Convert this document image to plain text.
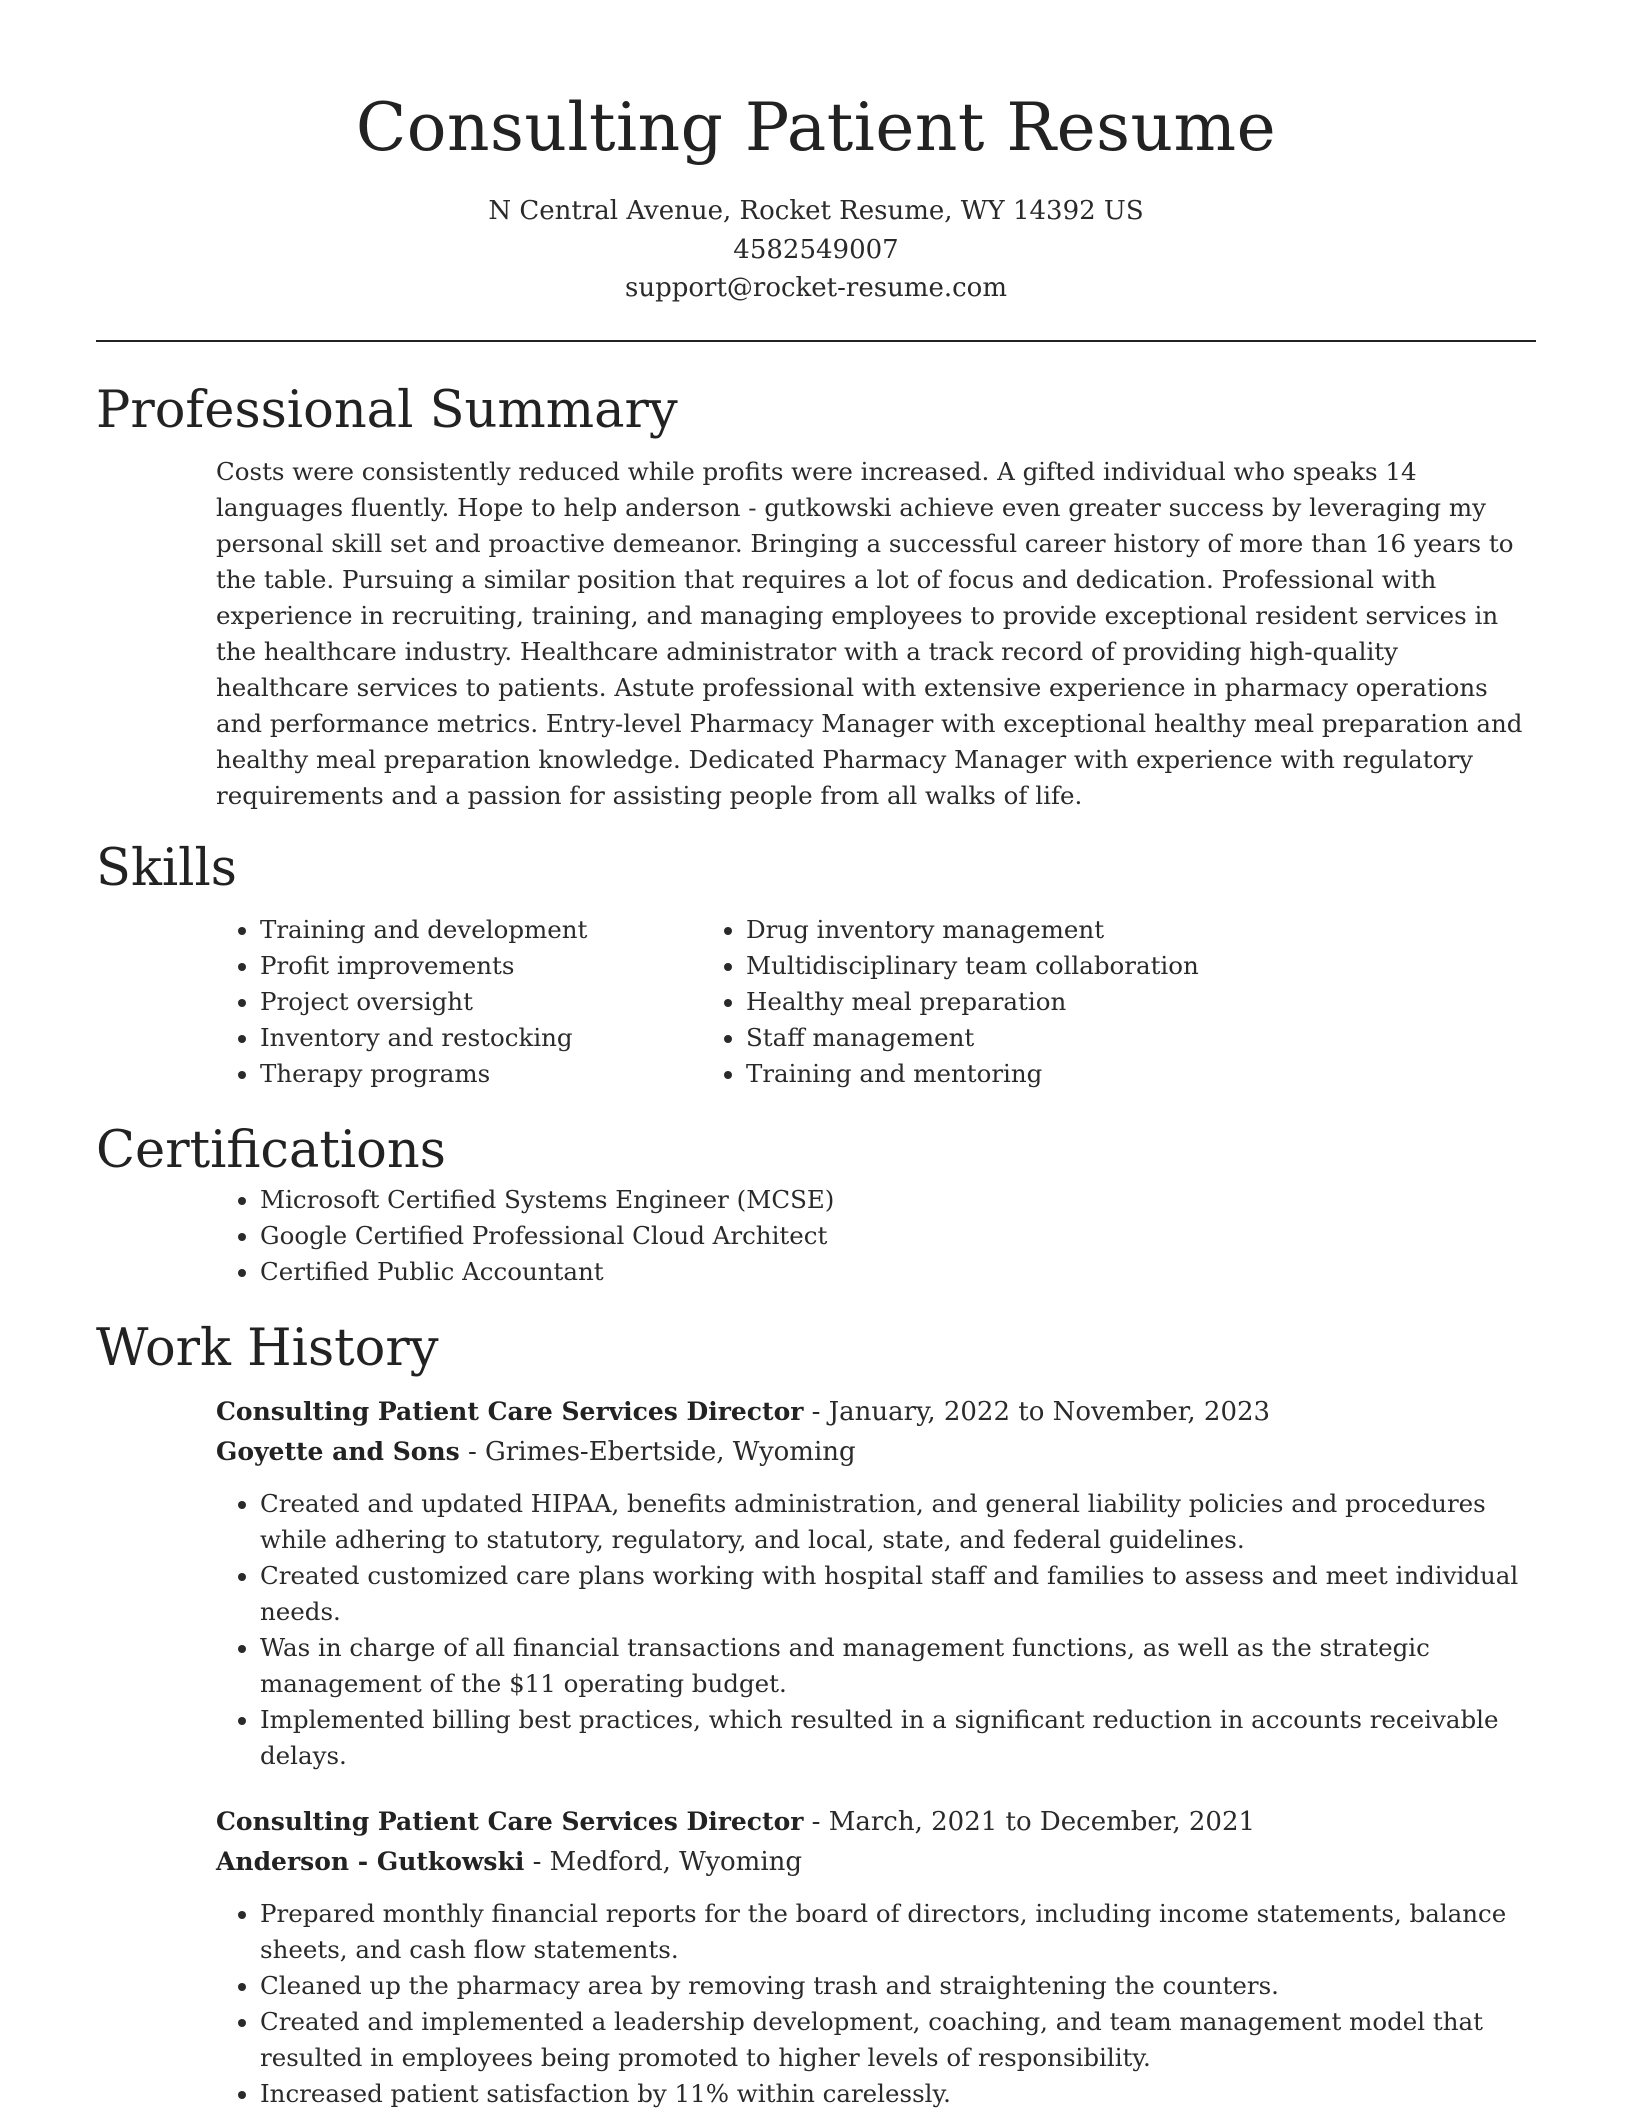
Consulting Patient Resume
N Central Avenue, Rocket Resume, WY 14392 US
4582549007
support@rocket-resume.com
Professional Summary

Costs were consistently reduced while profits were increased. A gifted individual who speaks 14 languages fluently. Hope to help anderson - gutkowski achieve even greater success by leveraging my personal skill set and proactive demeanor. Bringing a successful career history of more than 16 years to the table. Pursuing a similar position that requires a lot of focus and dedication. Professional with experience in recruiting, training, and managing employees to provide exceptional resident services in the healthcare industry. Healthcare administrator with a track record of providing high-quality healthcare services to patients. Astute professional with extensive experience in pharmacy operations and performance metrics. Entry-level Pharmacy Manager with exceptional healthy meal preparation and healthy meal preparation knowledge. Dedicated Pharmacy Manager with experience with regulatory requirements and a passion for assisting people from all walks of life.

Skills
• Training and development
• Profit improvements
• Project oversight
• Inventory and restocking
• Therapy programs
• Drug inventory management
• Multidisciplinary team collaboration
• Healthy meal preparation
• Staff management
• Training and mentoring
Certifications
• Microsoft Certified Systems Engineer (MCSE)
• Google Certified Professional Cloud Architect
• Certified Public Accountant
Work History
Consulting Patient Care Services Director - January, 2022 to November, 2023
Goyette and Sons - Grimes-Ebertside, Wyoming
• Created and updated HIPAA, benefits administration, and general liability policies and procedures while adhering to statutory, regulatory, and local, state, and federal guidelines.
• Created customized care plans working with hospital staff and families to assess and meet individual needs.
• Was in charge of all financial transactions and management functions, as well as the strategic management of the $11 operating budget.
• Implemented billing best practices, which resulted in a significant reduction in accounts receivable delays.
Consulting Patient Care Services Director - March, 2021 to December, 2021
Anderson - Gutkowski - Medford, Wyoming
• Prepared monthly financial reports for the board of directors, including income statements, balance sheets, and cash flow statements.
• Cleaned up the pharmacy area by removing trash and straightening the counters.
• Created and implemented a leadership development, coaching, and team management model that resulted in employees being promoted to higher levels of responsibility.
• Increased patient satisfaction by 11% within carelessly.
